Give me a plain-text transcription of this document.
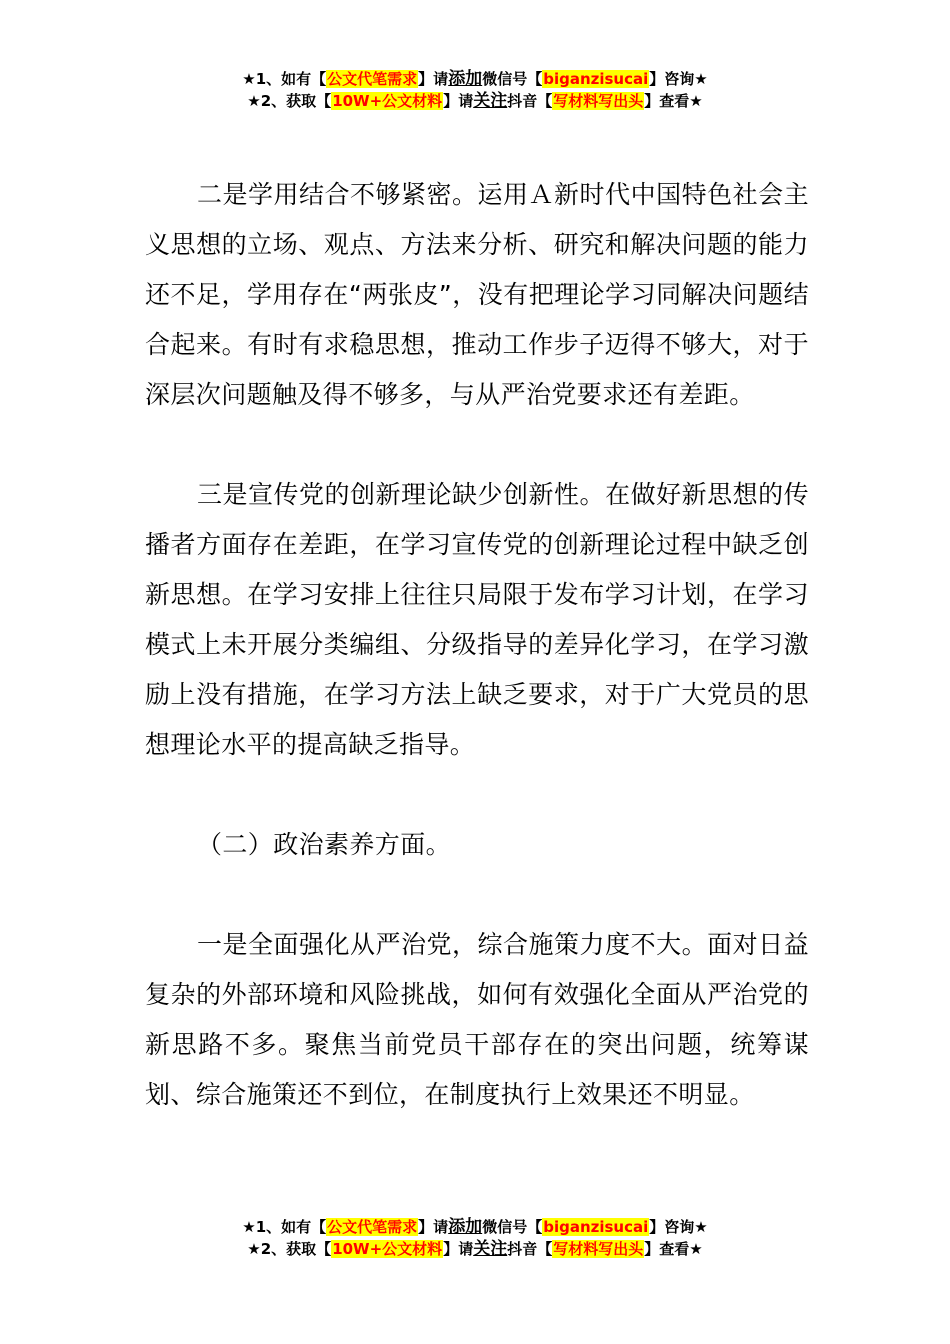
★1、如有【公文代笔需求】请添加微信号【biganzisucai】咨询★
★2、获取【10W+公文材料】请关注抖音【写材料写出头】查看★

二是学用结合不够紧密。运用Ａ新时代中国特色社会主义思想的立场、观点、方法来分析、研究和解决问题的能力还不足，学用存在“两张皮”，没有把理论学习同解决问题结合起来。有时有求稳思想，推动工作步子迈得不够大，对于深层次问题触及得不够多，与从严治党要求还有差距。

三是宣传党的创新理论缺少创新性。在做好新思想的传播者方面存在差距，在学习宣传党的创新理论过程中缺乏创新思想。在学习安排上往往只局限于发布学习计划，在学习模式上未开展分类编组、分级指导的差异化学习，在学习激励上没有措施，在学习方法上缺乏要求，对于广大党员的思想理论水平的提高缺乏指导。

（二）政治素养方面。

一是全面强化从严治党，综合施策力度不大。面对日益复杂的外部环境和风险挑战，如何有效强化全面从严治党的新思路不多。聚焦当前党员干部存在的突出问题，统筹谋划、综合施策还不到位，在制度执行上效果还不明显。

★1、如有【公文代笔需求】请添加微信号【biganzisucai】咨询★
★2、获取【10W+公文材料】请关注抖音【写材料写出头】查看★
